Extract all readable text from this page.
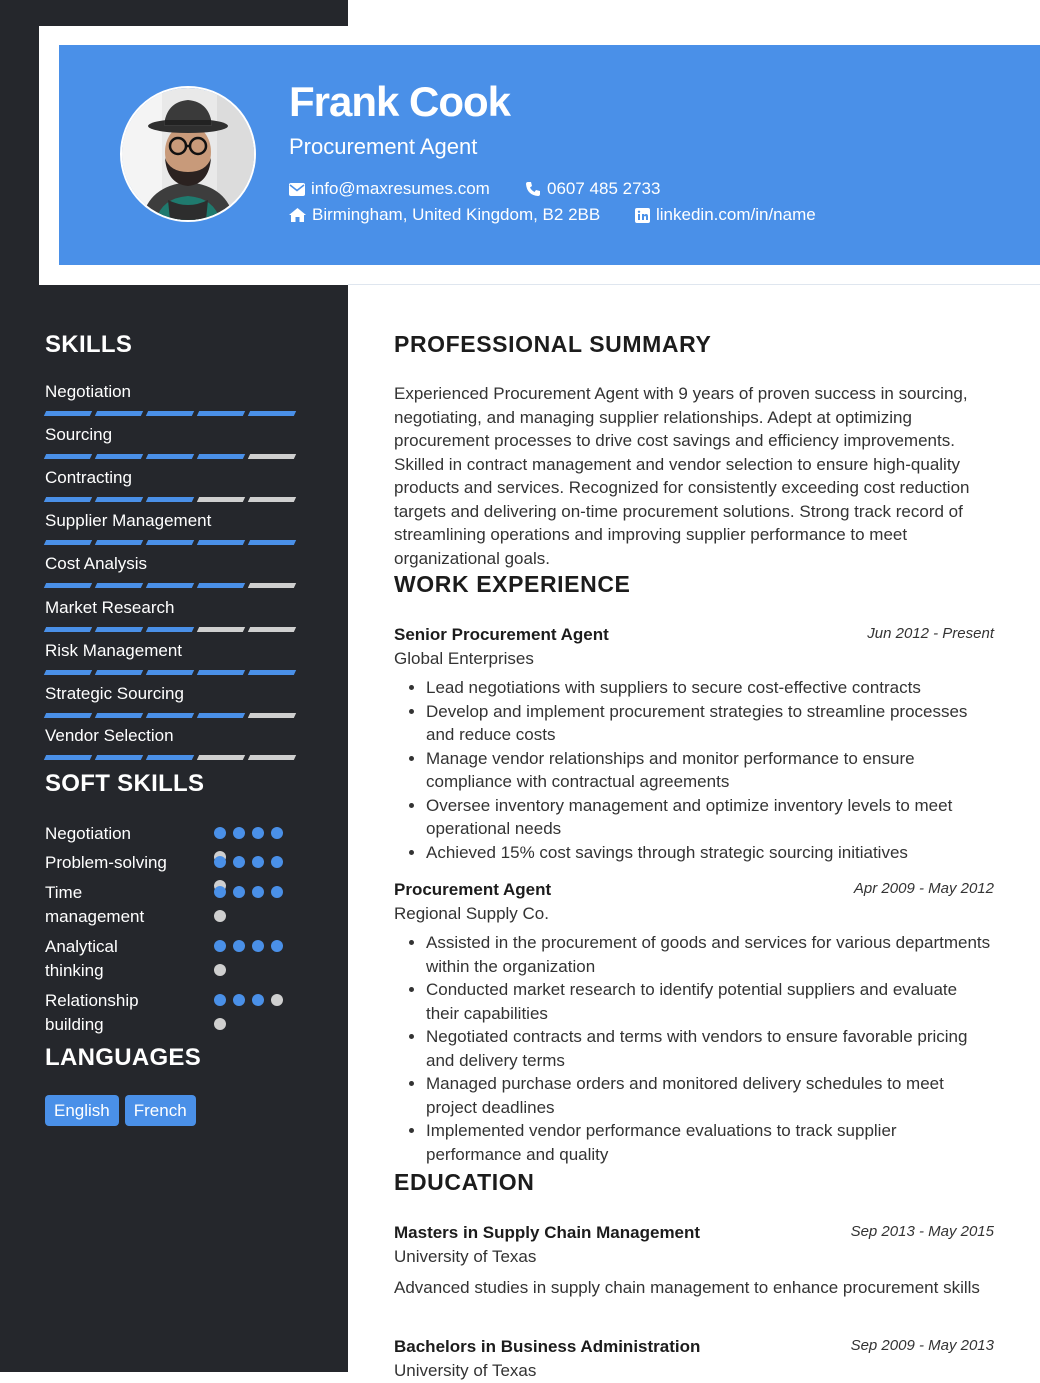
Frank Cook
Procurement Agent
info@maxresumes.com	0607 485 2733
Birmingham, United Kingdom, B2 2BB	linkedin.com/in/name
SKILLS
Negotiation
Sourcing
Contracting
Supplier Management
Cost Analysis
Market Research
Risk Management
Strategic Sourcing
Vendor Selection
SOFT SKILLS
Negotiation
Problem-solving
Time management
Analytical thinking
Relationship building
LANGUAGES
English	French
PROFESSIONAL SUMMARY
Experienced Procurement Agent with 9 years of proven success in sourcing, negotiating, and managing supplier relationships. Adept at optimizing procurement processes to drive cost savings and efficiency improvements. Skilled in contract management and vendor selection to ensure high-quality products and services. Recognized for consistently exceeding cost reduction targets and delivering on-time procurement solutions. Strong track record of streamlining operations and improving supplier performance to meet organizational goals.
WORK EXPERIENCE
Senior Procurement Agent	Jun 2012 - Present
Global Enterprises
• Lead negotiations with suppliers to secure cost-effective contracts
• Develop and implement procurement strategies to streamline processes and reduce costs
• Manage vendor relationships and monitor performance to ensure compliance with contractual agreements
• Oversee inventory management and optimize inventory levels to meet operational needs
• Achieved 15% cost savings through strategic sourcing initiatives
Procurement Agent	Apr 2009 - May 2012
Regional Supply Co.
• Assisted in the procurement of goods and services for various departments within the organization
• Conducted market research to identify potential suppliers and evaluate their capabilities
• Negotiated contracts and terms with vendors to ensure favorable pricing and delivery terms
• Managed purchase orders and monitored delivery schedules to meet project deadlines
• Implemented vendor performance evaluations to track supplier performance and quality
EDUCATION
Masters in Supply Chain Management	Sep 2013 - May 2015
University of Texas
Advanced studies in supply chain management to enhance procurement skills
Bachelors in Business Administration	Sep 2009 - May 2013
University of Texas
